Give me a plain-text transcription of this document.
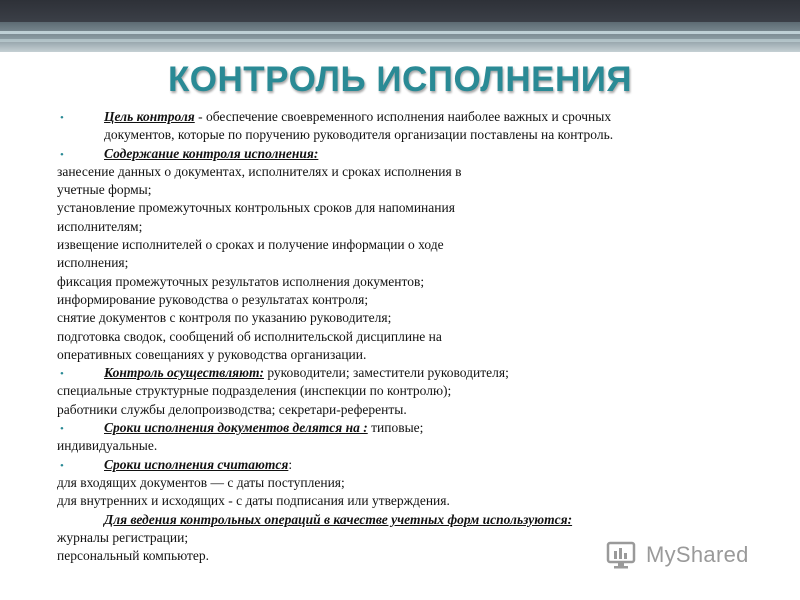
КОНТРОЛЬ ИСПОЛНЕНИЯ
•	Цель контроля - обеспечение своевременного исполнения наиболее важных и срочных
документов, которые по поручению руководителя организации поставлены на контроль.
•	Содержание контроля исполнения:
занесение данных о документах, исполнителях и сроках исполнения в
учетные формы;
установление промежуточных контрольных сроков для напоминания
исполнителям;
извещение исполнителей о сроках и получение информации о ходе
исполнения;
фиксация промежуточных результатов исполнения документов;
информирование руководства о результатах контроля;
снятие документов с контроля по указанию руководителя;
подготовка сводок, сообщений об исполнительской дисциплине на
оперативных совещаниях у руководства организации.
•	Контроль осуществляют: руководители; заместители руководителя;
специальные структурные подразделения (инспекции по контролю);
работники службы делопроизводства; секретари-референты.
•	Сроки исполнения документов делятся на : типовые;
индивидуальные.
•	Сроки исполнения считаются:
для входящих документов — с даты поступления;
для внутренних и исходящих - с даты подписания или утверждения.
Для ведения контрольных операций в качестве учетных форм используются:
журналы регистрации;
персональный компьютер.	MyShared
